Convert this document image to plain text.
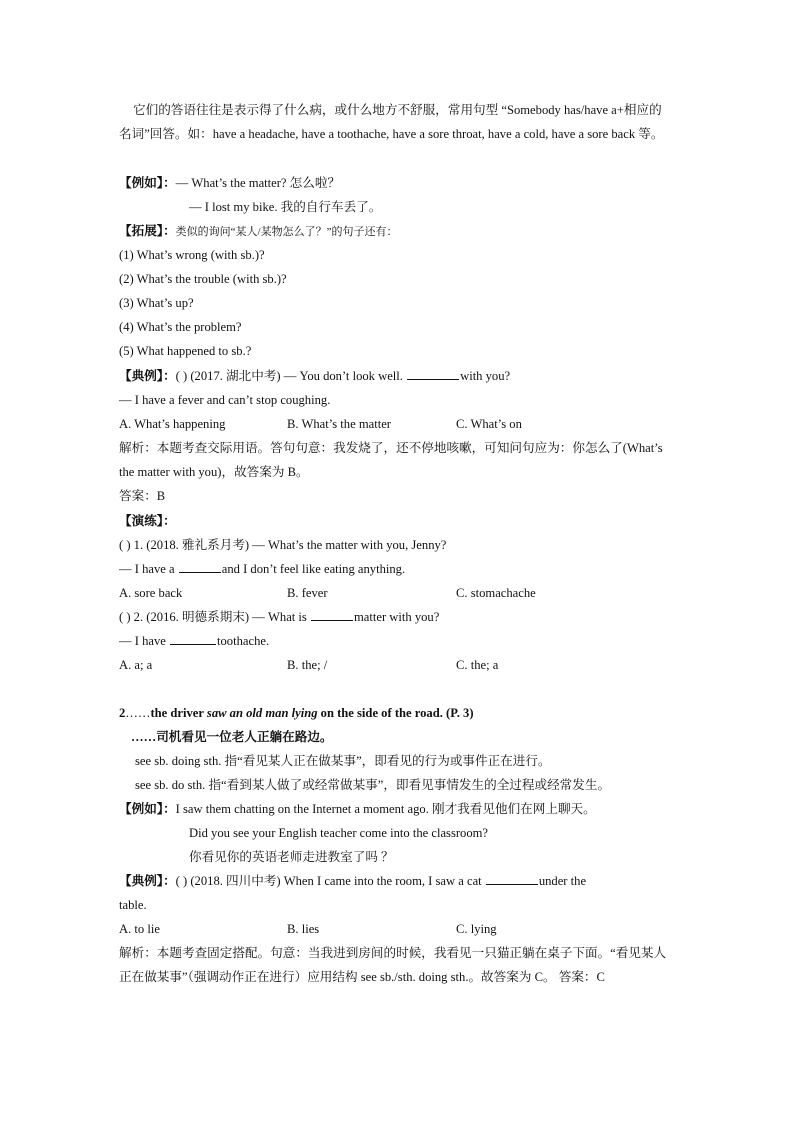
它们的答语往往是表示得了什么病，或什么地方不舒服，常用句型 “Somebody has/have a+相应的名词”回答。如：have a headache, have a toothache, have a sore throat, have a cold, have a sore back 等。
【例如】：— What’s the matter? 怎么啦？
— I lost my bike. 我的自行车丢了。
【拓展】：类似的询问“某人/某物怎么了？”的句子还有：
(1) What’s wrong (with sb.)?
(2) What’s the trouble (with sb.)?
(3) What’s up?
(4) What’s the problem?
(5) What happened to sb.?
【典例】：( ) (2017. 湖北中考) — You don’t look well.	with you?
— I have a fever and can’t stop coughing.
A. What’s happening	B. What’s the matter	C. What’s on
解析：本题考查交际用语。答句句意：我发烧了，还不停地咳嗽，可知问句应为：你怎么了(What’s the matter with you)，故答案为 B。
答案：B
【演练】：
( ) 1. (2018. 雅礼系月考) — What’s the matter with you, Jenny?
— I have a	and I don’t feel like eating anything.
A. sore back	B. fever	C. stomachache
( ) 2. (2016. 明德系期末) — What is	matter with you?
— I have	toothache.
A. a; a	B. the; /	C. the; a
2……the driver saw an old man lying on the side of the road. (P. 3)
……司机看见一位老人正躺在路边。
see sb. doing sth. 指“看见某人正在做某事”，即看见的行为或事件正在进行。
see sb. do sth. 指“看到某人做了或经常做某事”，即看见事情发生的全过程或经常发生。
【例如】：I saw them chatting on the Internet a moment ago. 刚才我看见他们在网上聊天。
Did you see your English teacher come into the classroom?
你看见你的英语老师走进教室了吗 ？
【典例】：( ) (2018. 四川中考) When I came into the room, I saw a cat	under the
table.
A. to lie	B. lies	C. lying
解析：本题考查固定搭配。句意：当我进到房间的时候，我看见一只猫正躺在桌子下面。“看见某人正在做某事”（强调动作正在进行）应用结构 see sb./sth. doing sth.。故答案为 C。 答案：C
